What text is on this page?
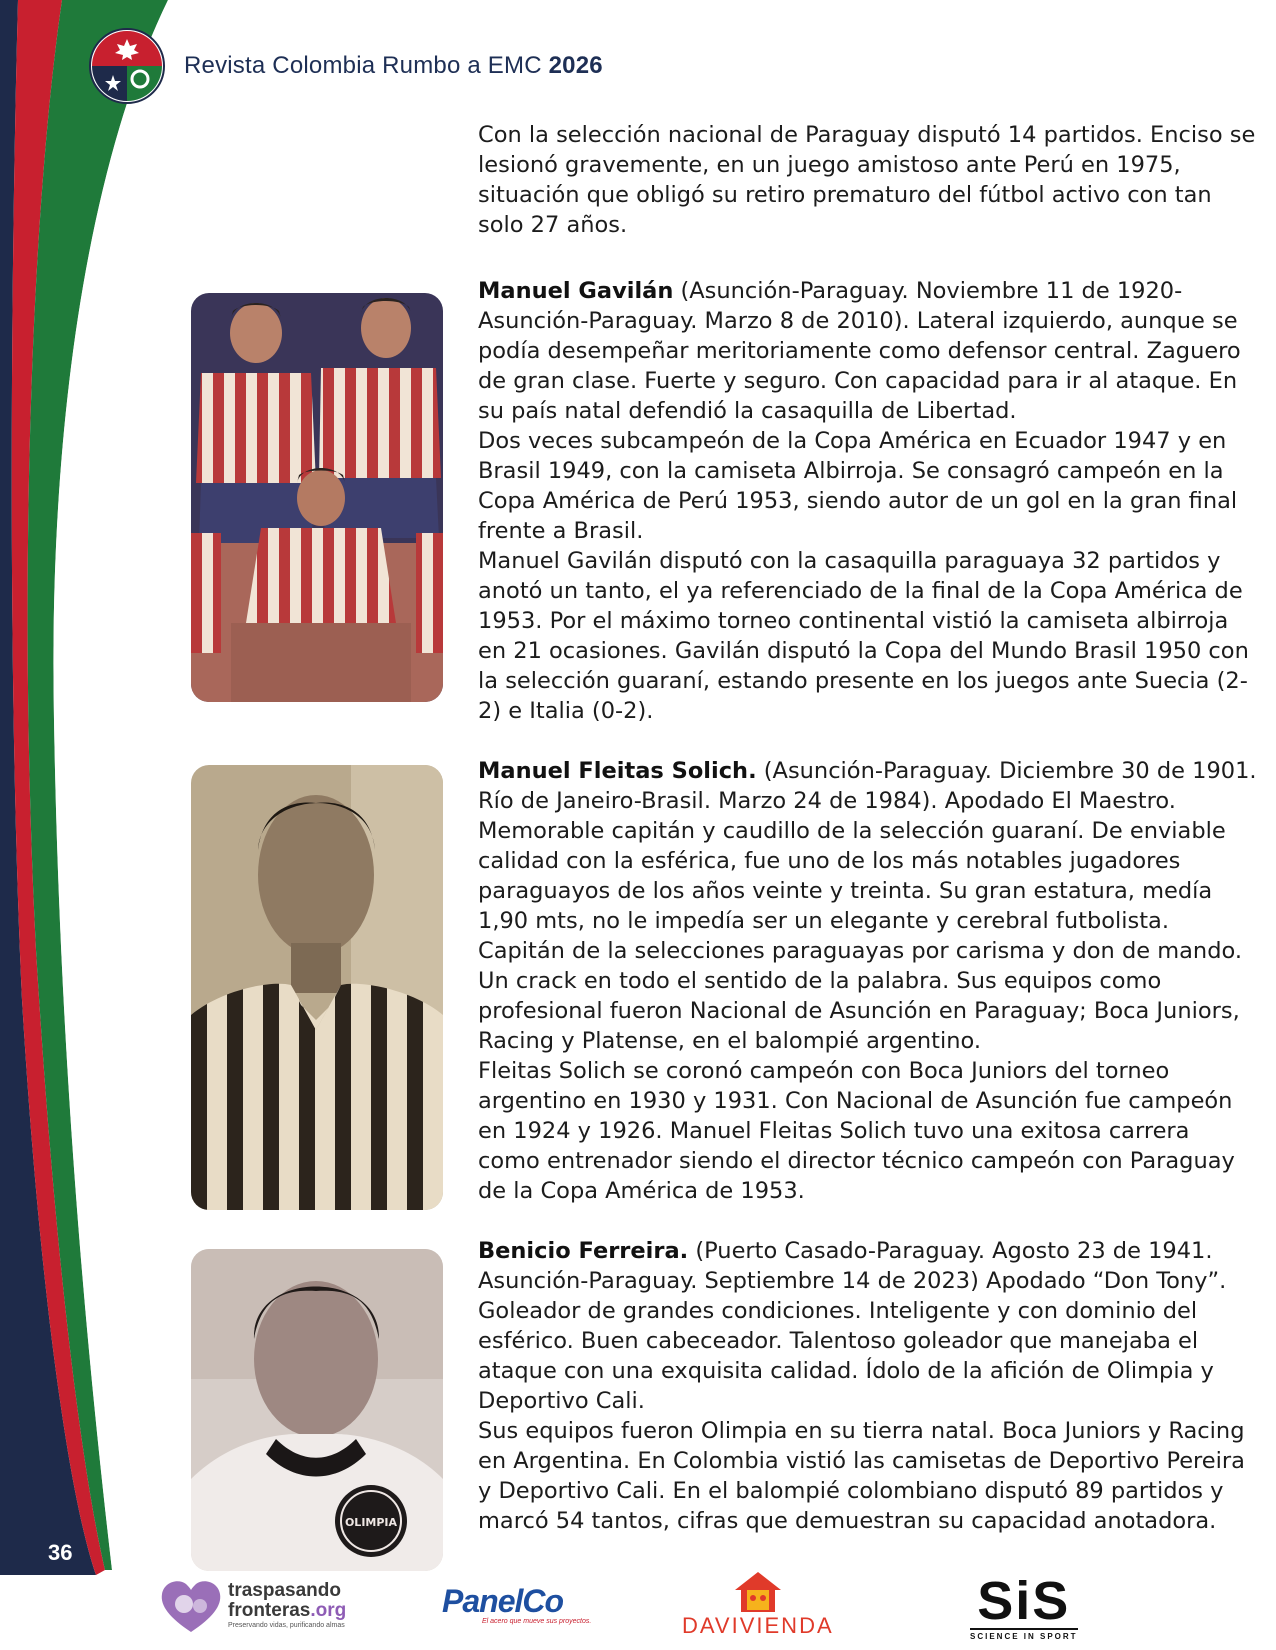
Revista Colombia Rumbo a EMC 2026

Con la selección nacional de Paraguay disputó 14 partidos. Enciso se lesionó gravemente, en un juego amistoso ante Perú en 1975, situación que obligó su retiro prematuro del fútbol activo con tan solo 27 años.

Manuel Gavilán (Asunción-Paraguay. Noviembre 11 de 1920-Asunción-Paraguay. Marzo 8 de 2010). Lateral izquierdo, aunque se podía desempeñar meritoriamente como defensor central. Zaguero de gran clase. Fuerte y seguro. Con capacidad para ir al ataque. En su país natal defendió la casaquilla de Libertad.

Dos veces subcampeón de la Copa América en Ecuador 1947 y en Brasil 1949, con la camiseta Albirroja. Se consagró campeón en la Copa América de Perú 1953, siendo autor de un gol en la gran final frente a Brasil.

Manuel Gavilán disputó con la casaquilla paraguaya 32 partidos y anotó un tanto, el ya referenciado de la final de la Copa América de 1953. Por el máximo torneo continental vistió la camiseta albirroja en 21 ocasiones. Gavilán disputó la Copa del Mundo Brasil 1950 con la selección guaraní, estando presente en los juegos ante Suecia (2-2) e Italia (0-2).

Manuel Fleitas Solich. (Asunción-Paraguay. Diciembre 30 de 1901. Río de Janeiro-Brasil. Marzo 24 de 1984). Apodado El Maestro. Memorable capitán y caudillo de la selección guaraní. De enviable calidad con la esférica, fue uno de los más notables jugadores paraguayos de los años veinte y treinta. Su gran estatura, medía 1,90 mts, no le impedía ser un elegante y cerebral futbolista. Capitán de la selecciones paraguayas por carisma y don de mando. Un crack en todo el sentido de la palabra. Sus equipos como profesional fueron Nacional de Asunción en Paraguay; Boca Juniors, Racing y Platense, en el balompié argentino.

Fleitas Solich se coronó campeón con Boca Juniors del torneo argentino en 1930 y 1931. Con Nacional de Asunción fue campeón en 1924 y 1926. Manuel Fleitas Solich tuvo una exitosa carrera como entrenador siendo el director técnico campeón con Paraguay de la Copa América de 1953.

OLIMPIA

Benicio Ferreira. (Puerto Casado-Paraguay. Agosto 23 de 1941. Asunción-Paraguay. Septiembre 14 de 2023) Apodado “Don Tony”. Goleador de grandes condiciones. Inteligente y con dominio del esférico. Buen cabeceador. Talentoso goleador que manejaba el ataque con una exquisita calidad. Ídolo de la afición de Olimpia y Deportivo Cali.

Sus equipos fueron Olimpia en su tierra natal. Boca Juniors y Racing en Argentina. En Colombia vistió las camisetas de Deportivo Pereira y Deportivo Cali. En el balompié colombiano disputó 89 partidos y marcó 54 tantos, cifras que demuestran su capacidad anotadora.

36
traspasando
fronteras.org
Preservando vidas, purificando almas
PanelCo
El acero que mueve sus proyectos.	DAVIVIENDA	SiS
SCIENCE IN SPORT
